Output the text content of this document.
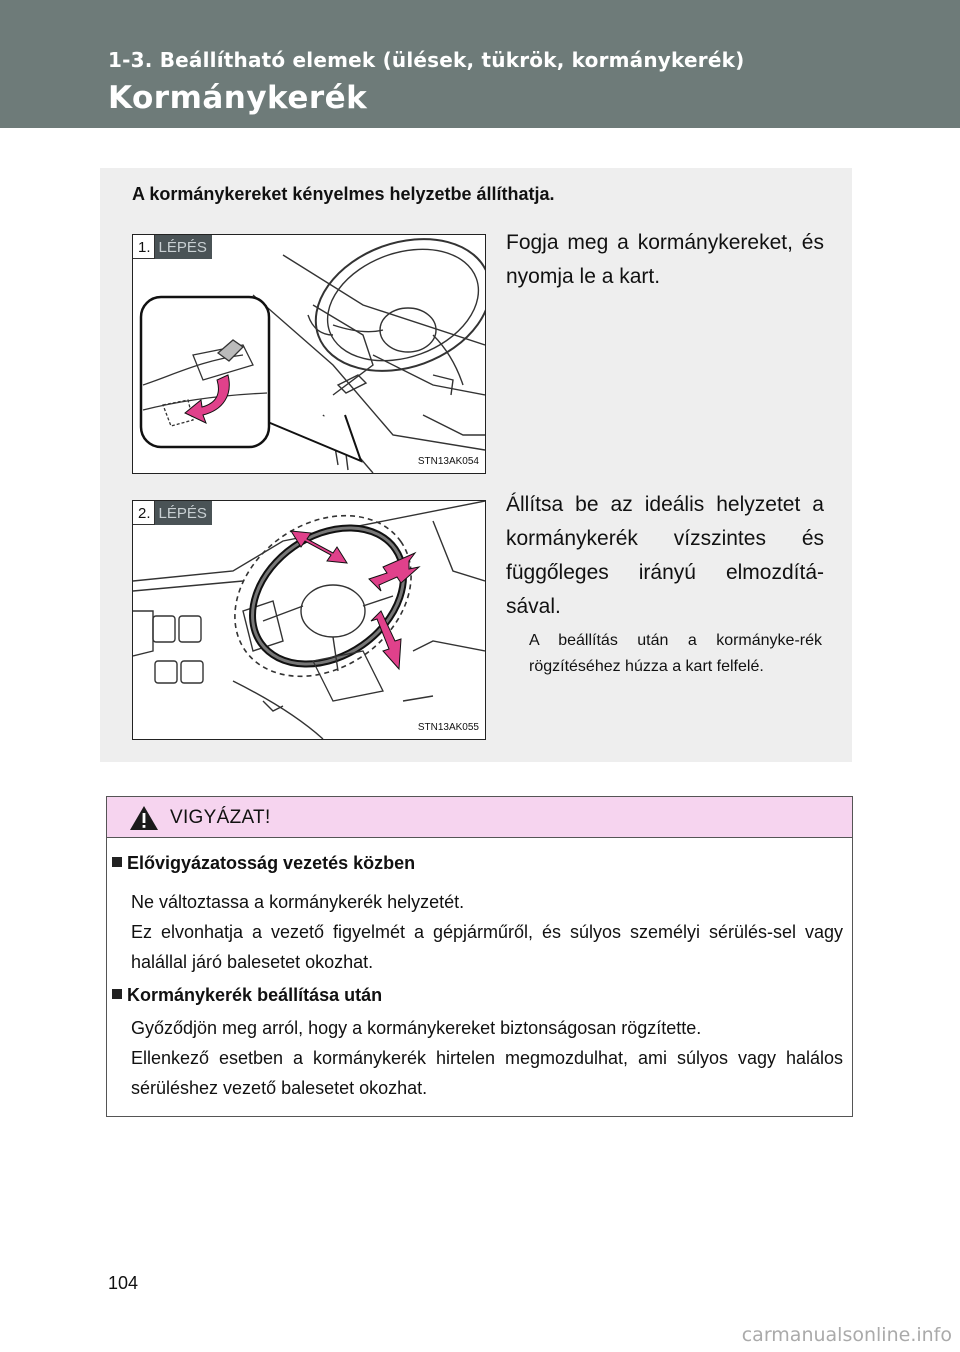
1-3. Beállítható elemek (ülések, tükrök, kormánykerék)
Kormánykerék
A kormánykereket kényelmes helyzetbe állíthatja.
1. LÉPÉS
STN13AK054
Fogja meg a kormánykereket, és nyomja le a kart.
2. LÉPÉS
STN13AK055
Állítsa be az ideális helyzetet a kormánykerék vízszintes és függőleges irányú elmozdítá-sával.
A beállítás után a kormányke-rék rögzítéséhez húzza a kart felfelé.
VIGYÁZAT!
Elővigyázatosság vezetés közben
Ne változtassa a kormánykerék helyzetét.
Ez elvonhatja a vezető figyelmét a gépjárműről, és súlyos személyi sérülés-sel vagy halállal járó balesetet okozhat.
Kormánykerék beállítása után
Győződjön meg arról, hogy a kormánykereket biztonságosan rögzítette.
Ellenkező esetben a kormánykerék hirtelen megmozdulhat, ami súlyos vagy halálos sérüléshez vezető balesetet okozhat.
104
carmanualsonline.info
